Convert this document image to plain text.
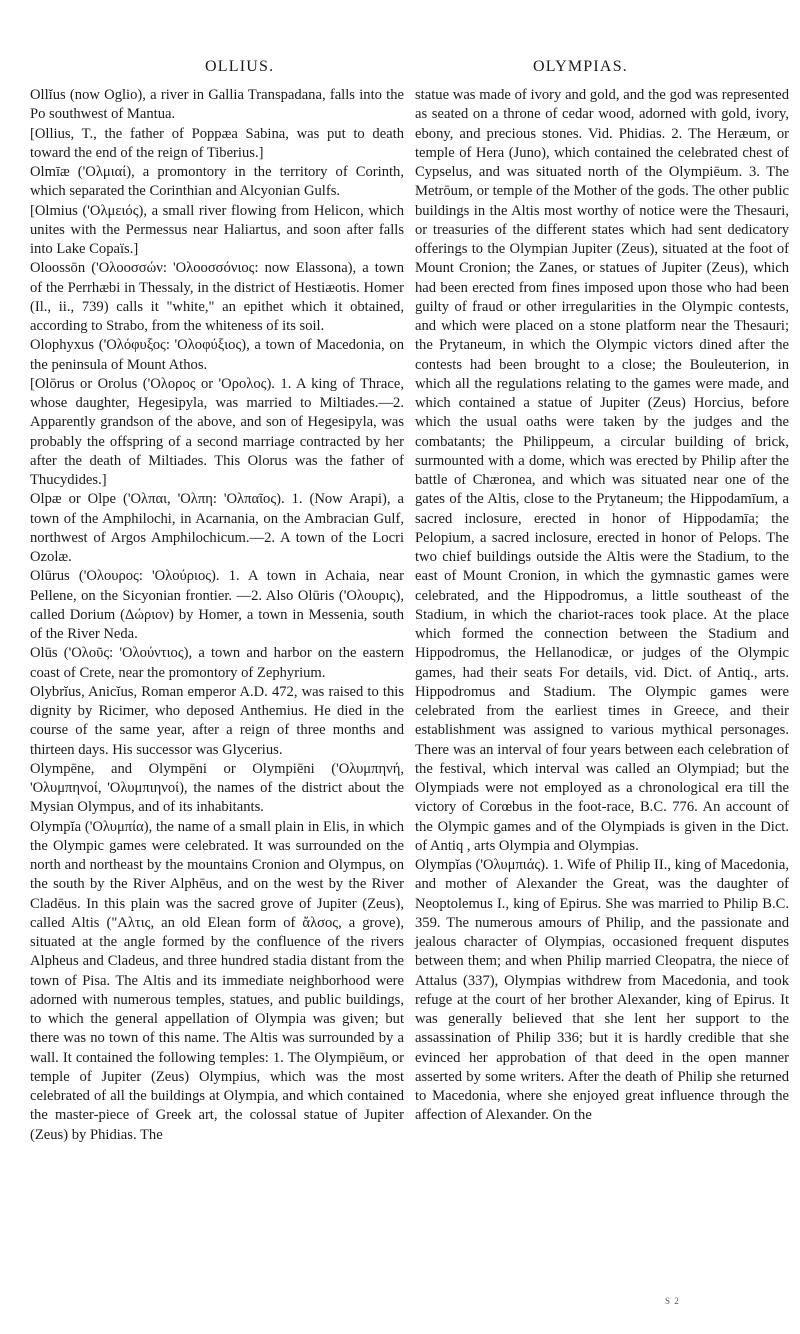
OLLIUS.	OLYMPIAS.

Ollĭus (now Oglio), a river in Gallia Transpadana, falls into the Po southwest of Mantua.

[Ollius, T., the father of Poppæa Sabina, was put to death toward the end of the reign of Tiberius.]

Olmīæ ('Ολμιαί), a promontory in the territory of Corinth, which separated the Corinthian and Alcyonian Gulfs.

[Olmius ('Ολμειός), a small river flowing from Helicon, which unites with the Permessus near Haliartus, and soon after falls into Lake Copaïs.]

Oloossōn ('Ολοοσσών: 'Ολοοσσόνιος: now Elassona), a town of the Perrhæbi in Thessaly, in the district of Hestiæotis. Homer (Il., ii., 739) calls it "white," an epithet which it obtained, according to Strabo, from the whiteness of its soil.

Olophyxus ('Ολόφυξος: 'Ολοφύξιος), a town of Macedonia, on the peninsula of Mount Athos.

[Olōrus or Orolus ('Ολορος or 'Ορολος). 1. A king of Thrace, whose daughter, Hegesipyla, was married to Miltiades.—2. Apparently grandson of the above, and son of Hegesipyla, was probably the offspring of a second marriage contracted by her after the death of Miltiades. This Olorus was the father of Thucydides.]

Olpæ or Olpe ('Ολπαι, 'Ολπη: 'Ολπαῖος). 1. (Now Arapi), a town of the Amphilochi, in Acarnania, on the Ambracian Gulf, northwest of Argos Amphilochicum.—2. A town of the Locri Ozolæ.

Olūrus ('Ολουρος: 'Ολούριος). 1. A town in Achaia, near Pellene, on the Sicyonian frontier. —2. Also Olūris ('Ολουρις), called Dorium (Δώριον) by Homer, a town in Messenia, south of the River Neda.

Olūs ('Ολοῦς: 'Ολούντιος), a town and harbor on the eastern coast of Crete, near the promontory of Zephyrium.

Olybrĭus, Anicĭus, Roman emperor A.D. 472, was raised to this dignity by Ricimer, who deposed Anthemius. He died in the course of the same year, after a reign of three months and thirteen days. His successor was Glycerius.

Olympēne, and Olympēni or Olympiēni ('Ολυμπηνή, 'Ολυμπηνοί, 'Ολυμπιηνοί), the names of the district about the Mysian Olympus, and of its inhabitants.

Olympĭa ('Ολυμπία), the name of a small plain in Elis, in which the Olympic games were celebrated. It was surrounded on the north and northeast by the mountains Cronion and Olympus, on the south by the River Alphēus, and on the west by the River Cladēus. In this plain was the sacred grove of Jupiter (Zeus), called Altis ("Αλτις, an old Elean form of ἄλσος, a grove), situated at the angle formed by the confluence of the rivers Alpheus and Cladeus, and three hundred stadia distant from the town of Pisa. The Altis and its immediate neighborhood were adorned with numerous temples, statues, and public buildings, to which the general appellation of Olympia was given; but there was no town of this name. The Altis was surrounded by a wall. It contained the following temples: 1. The Olympiēum, or temple of Jupiter (Zeus) Olympius, which was the most celebrated of all the buildings at Olympia, and which contained the master-piece of Greek art, the colossal statue of Jupiter (Zeus) by Phidias. The

statue was made of ivory and gold, and the god was represented as seated on a throne of cedar wood, adorned with gold, ivory, ebony, and precious stones. Vid. Phidias. 2. The Heræum, or temple of Hera (Juno), which contained the celebrated chest of Cypselus, and was situated north of the Olympiēum. 3. The Metrōum, or temple of the Mother of the gods. The other public buildings in the Altis most worthy of notice were the Thesauri, or treasuries of the different states which had sent dedicatory offerings to the Olympian Jupiter (Zeus), situated at the foot of Mount Cronion; the Zanes, or statues of Jupiter (Zeus), which had been erected from fines imposed upon those who had been guilty of fraud or other irregularities in the Olympic contests, and which were placed on a stone platform near the Thesauri; the Prytaneum, in which the Olympic victors dined after the contests had been brought to a close; the Bouleuterion, in which all the regulations relating to the games were made, and which contained a statue of Jupiter (Zeus) Horcius, before which the usual oaths were taken by the judges and the combatants; the Philippeum, a circular building of brick, surmounted with a dome, which was erected by Philip after the battle of Chæronea, and which was situated near one of the gates of the Altis, close to the Prytaneum; the Hippodamīum, a sacred inclosure, erected in honor of Hippodamīa; the Pelopium, a sacred inclosure, erected in honor of Pelops. The two chief buildings outside the Altis were the Stadium, to the east of Mount Cronion, in which the gymnastic games were celebrated, and the Hippodromus, a little southeast of the Stadium, in which the chariot-races took place. At the place which formed the connection between the Stadium and Hippodromus, the Hellanodicæ, or judges of the Olympic games, had their seats For details, vid. Dict. of Antiq., arts. Hippodromus and Stadium. The Olympic games were celebrated from the earliest times in Greece, and their establishment was assigned to various mythical personages. There was an interval of four years between each celebration of the festival, which interval was called an Olympiad; but the Olympiads were not employed as a chronological era till the victory of Corœbus in the foot-race, B.C. 776. An account of the Olympic games and of the Olympiads is given in the Dict. of Antiq , arts Olympia and Olympias.

Olympĭas ('Ολυμπιάς). 1. Wife of Philip II., king of Macedonia, and mother of Alexander the Great, was the daughter of Neoptolemus I., king of Epirus. She was married to Philip B.C. 359. The numerous amours of Philip, and the passionate and jealous character of Olympias, occasioned frequent disputes between them; and when Philip married Cleopatra, the niece of Attalus (337), Olympias withdrew from Macedonia, and took refuge at the court of her brother Alexander, king of Epirus. It was generally believed that she lent her support to the assassination of Philip 336; but it is hardly credible that she evinced her approbation of that deed in the open manner asserted by some writers. After the death of Philip she returned to Macedonia, where she enjoyed great influence through the affection of Alexander. On the

S 2
